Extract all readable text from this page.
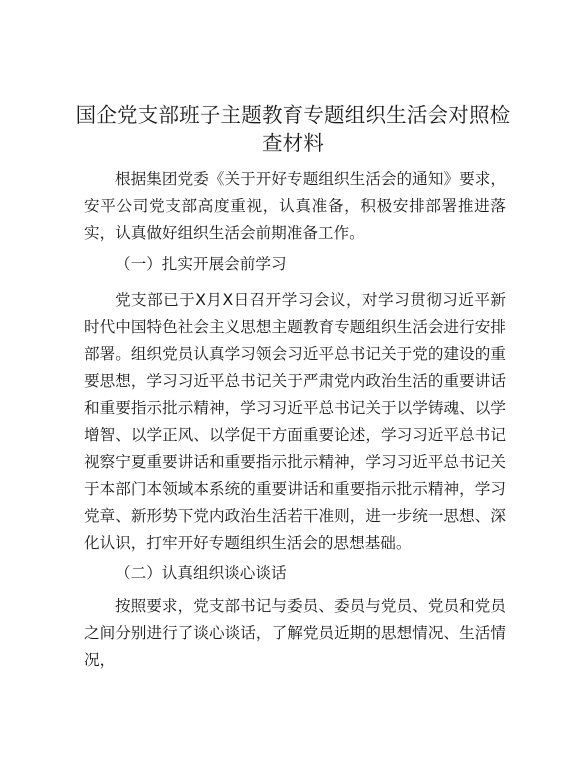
国企党支部班子主题教育专题组织生活会对照检查材料

根据集团党委《关于开好专题组织生活会的通知》要求，安平公司党支部高度重视，认真准备，积极安排部署推进落实，认真做好组织生活会前期准备工作。

（一）扎实开展会前学习

党支部已于X月X日召开学习会议，对学习贯彻习近平新时代中国特色社会主义思想主题教育专题组织生活会进行安排部署。组织党员认真学习领会习近平总书记关于党的建设的重要思想，学习习近平总书记关于严肃党内政治生活的重要讲话和重要指示批示精神，学习习近平总书记关于以学铸魂、以学增智、以学正风、以学促干方面重要论述，学习习近平总书记视察宁夏重要讲话和重要指示批示精神，学习习近平总书记关于本部门本领域本系统的重要讲话和重要指示批示精神，学习党章、新形势下党内政治生活若干准则，进一步统一思想、深化认识，打牢开好专题组织生活会的思想基础。

（二）认真组织谈心谈话

按照要求，党支部书记与委员、委员与党员、党员和党员之间分别进行了谈心谈话，了解党员近期的思想情况、生活情况，
